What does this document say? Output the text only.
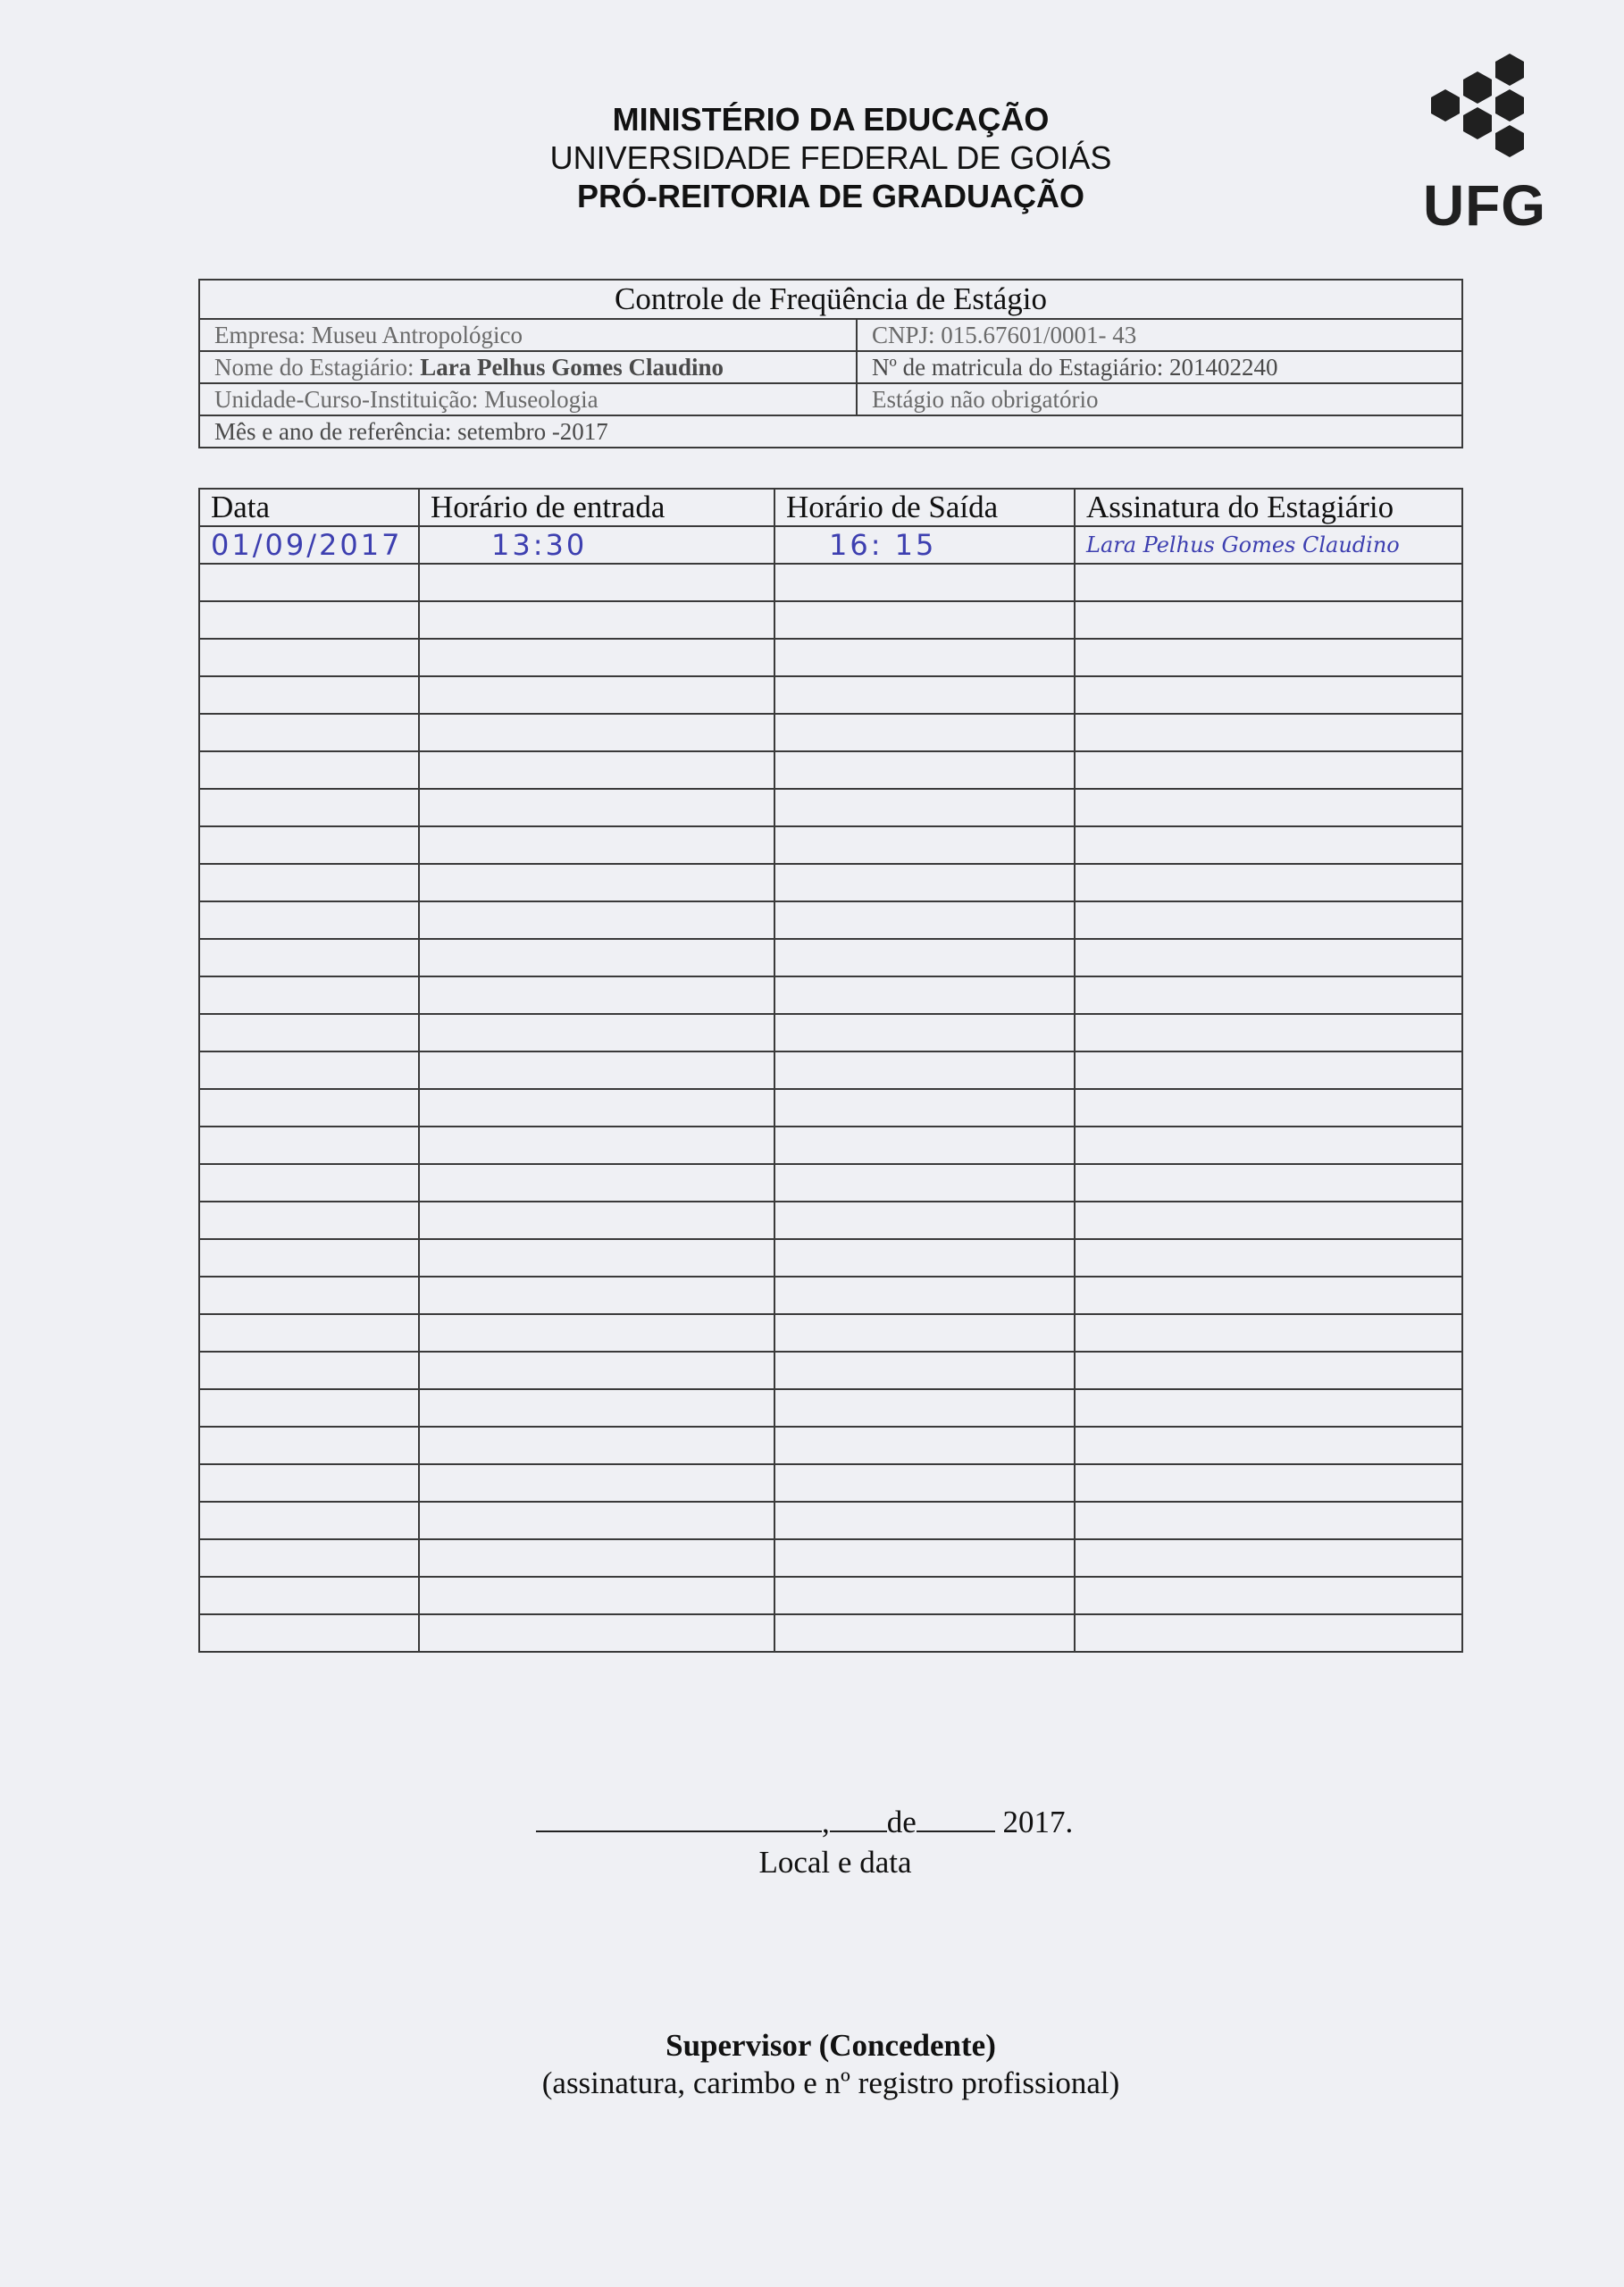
MINISTÉRIO DA EDUCAÇÃO
UNIVERSIDADE FEDERAL DE GOIÁS
PRÓ-REITORIA DE GRADUAÇÃO	UFG
Controle de Freqüência de Estágio	
Empresa: Museu Antropológico	CNPJ: 015.67601/0001- 43
Nome do Estagiário: Lara Pelhus Gomes Claudino	Nº de matricula do Estagiário: 201402240
Unidade-Curso-Instituição: Museologia	Estágio não obrigatório
Mês e ano de referência: setembro -2017	
Data	Horário de entrada	Horário de Saída	Assinatura do Estagiário
01/09/2017	13:30	16: 15	Lara Pelhus Gomes Claudino

, de	2017.
Local e data
Supervisor (Concedente)
(assinatura, carimbo e nº registro profissional)
